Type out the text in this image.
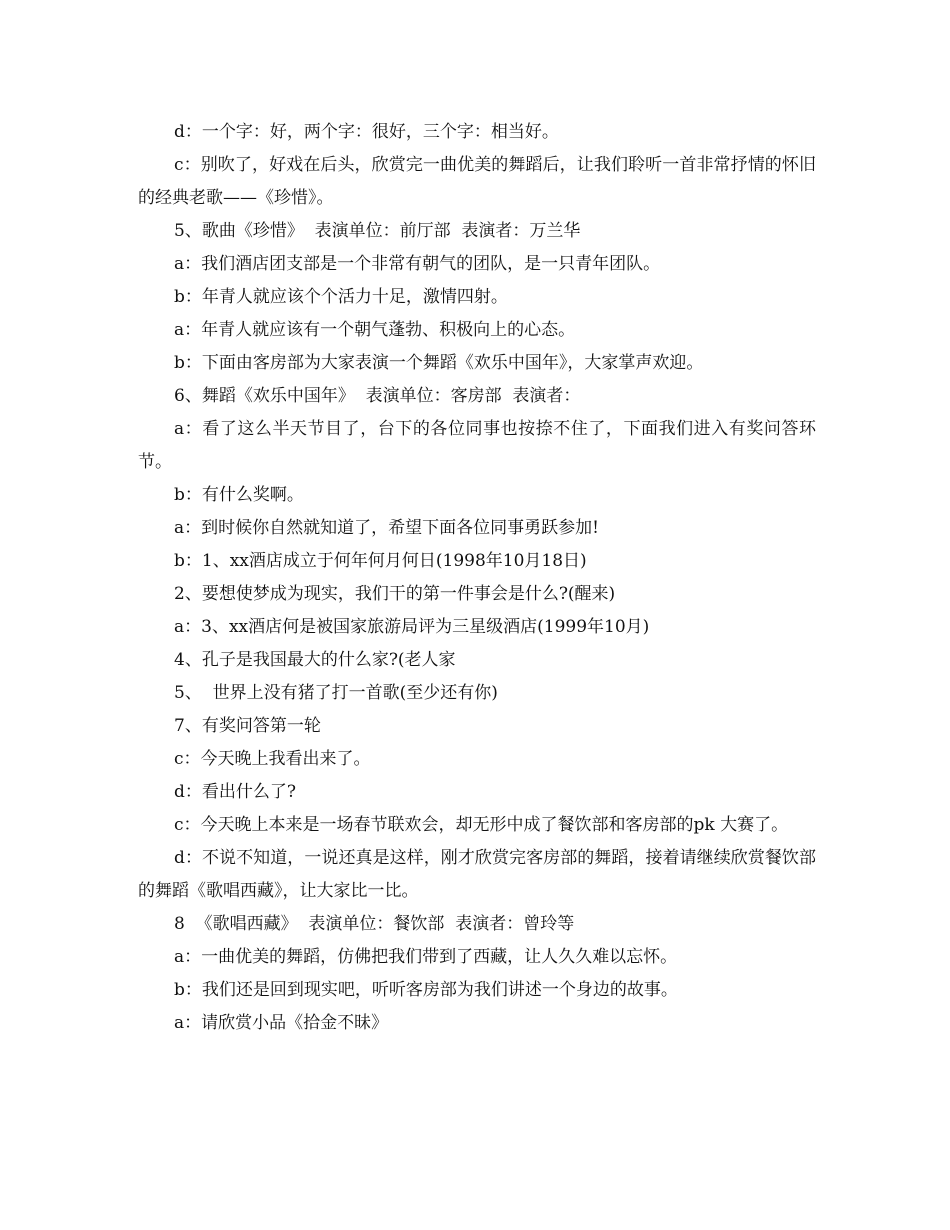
d：一个字：好，两个字：很好，三个字：相当好。

c：别吹了，好戏在后头，欣赏完一曲优美的舞蹈后，让我们聆听一首非常抒情的怀旧的经典老歌——《珍惜》。

5、歌曲《珍惜》  表演单位：前厅部  表演者：万兰华

a：我们酒店团支部是一个非常有朝气的团队，是一只青年团队。

b：年青人就应该个个活力十足，激情四射。

a：年青人就应该有一个朝气蓬勃、积极向上的心态。

b：下面由客房部为大家表演一个舞蹈《欢乐中国年》，大家掌声欢迎。

6、舞蹈《欢乐中国年》  表演单位：客房部  表演者：

a：看了这么半天节目了，台下的各位同事也按捺不住了，下面我们进入有奖问答环节。

b：有什么奖啊。

a：到时候你自然就知道了，希望下面各位同事勇跃参加!

b：1、xx酒店成立于何年何月何日(1998年10月18日)

2、要想使梦成为现实，我们干的第一件事会是什么?(醒来)

a：3、xx酒店何是被国家旅游局评为三星级酒店(1999年10月)

4、孔子是我国最大的什么家?(老人家

5、  世界上没有猪了打一首歌(至少还有你)

7、有奖问答第一轮

c：今天晚上我看出来了。

d：看出什么了?

c：今天晚上本来是一场春节联欢会，却无形中成了餐饮部和客房部的pk 大赛了。

d：不说不知道，一说还真是这样，刚才欣赏完客房部的舞蹈，接着请继续欣赏餐饮部的舞蹈《歌唱西藏》，让大家比一比。

8  《歌唱西藏》  表演单位：餐饮部  表演者：曾玲等

a：一曲优美的舞蹈，仿佛把我们带到了西藏，让人久久难以忘怀。

b：我们还是回到现实吧，听听客房部为我们讲述一个身边的故事。

a：请欣赏小品《拾金不昧》
